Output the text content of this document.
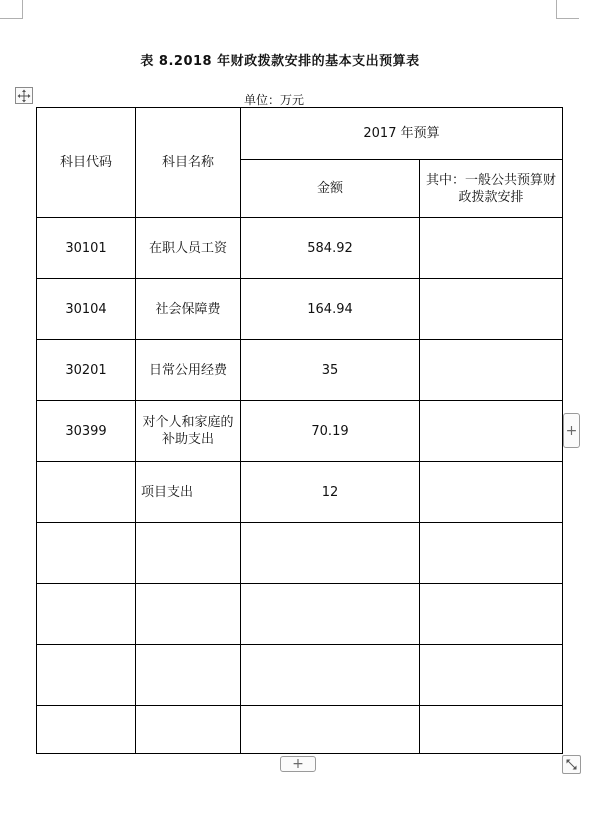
表 8.2018 年财政拨款安排的基本支出预算表
单位：万元
科目代码	科目名称	2017 年预算	
		金额	其中：一般公共预算财政拨款安排
30101	在职人员工资	584.92	
30104	社会保障费	164.94	
30201	日常公用经费	35	
30399	对个人和家庭的补助支出	70.19	
	项目支出	12	

+
+
